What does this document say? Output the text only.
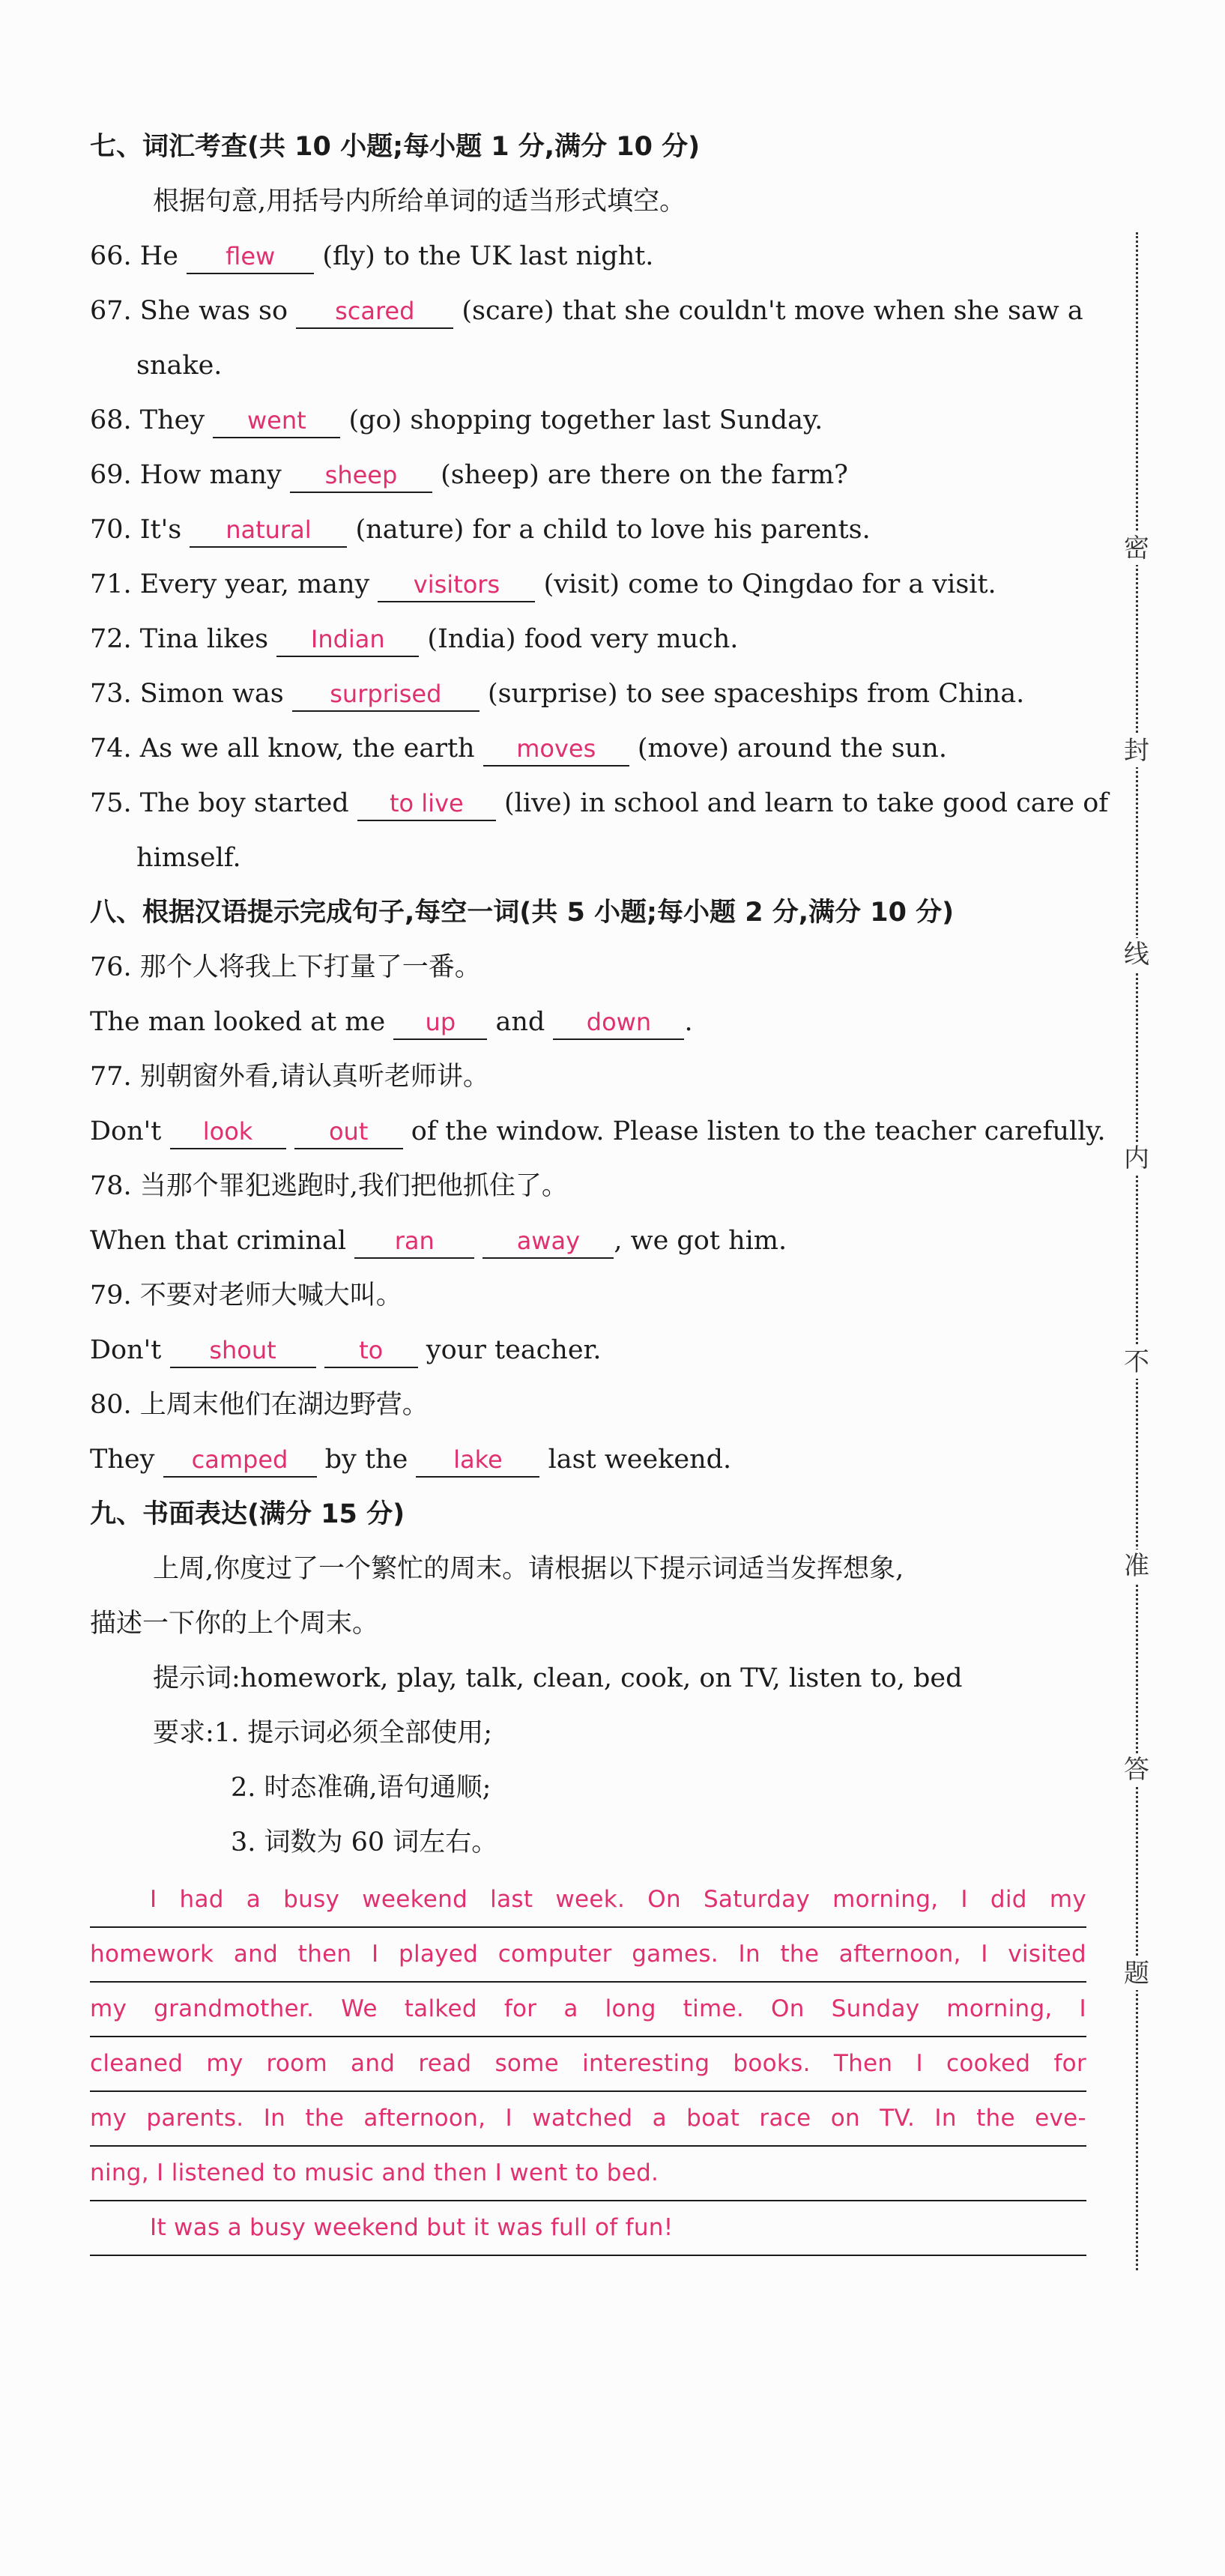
七、词汇考查(共 10 小题;每小题 1 分,满分 10 分)
根据句意,用括号内所给单词的适当形式填空。
66. He flew (fly) to the UK last night.
67. She was so scared (scare) that she couldn't move when she saw a
snake.
68. They went (go) shopping together last Sunday.
69. How many sheep (sheep) are there on the farm?
70. It's natural (nature) for a child to love his parents.
71. Every year, many visitors (visit) come to Qingdao for a visit.
72. Tina likes Indian (India) food very much.
73. Simon was surprised (surprise) to see spaceships from China.
74. As we all know, the earth moves (move) around the sun.
75. The boy started to live (live) in school and learn to take good care of
himself.
八、根据汉语提示完成句子,每空一词(共 5 小题;每小题 2 分,满分 10 分)
76. 那个人将我上下打量了一番。
The man looked at me up and down .
77. 别朝窗外看,请认真听老师讲。
Don't look	out of the window. Please listen to the teacher carefully.
78. 当那个罪犯逃跑时,我们把他抓住了。
When that criminal ran	away , we got him.
79. 不要对老师大喊大叫。
Don't shout	to your teacher.
80. 上周末他们在湖边野营。
They camped by the lake last weekend.
九、书面表达(满分 15 分)
上周,你度过了一个繁忙的周末。请根据以下提示词适当发挥想象,
描述一下你的上个周末。
提示词:homework, play, talk, clean, cook, on TV, listen to, bed
要求:1. 提示词必须全部使用;
2. 时态准确,语句通顺;
3. 词数为 60 词左右。
I had a busy weekend last week. On Saturday morning, I did my
homework and then I played computer games. In the afternoon, I visited
my grandmother. We talked for a long time. On Sunday morning, I
cleaned my room and read some interesting books. Then I cooked for
my parents. In the afternoon, I watched a boat race on TV. In the eve-
ning, I listened to music and then I went to bed.
It was a busy weekend but it was full of fun!
密
封
线
内
不
准
答
题
